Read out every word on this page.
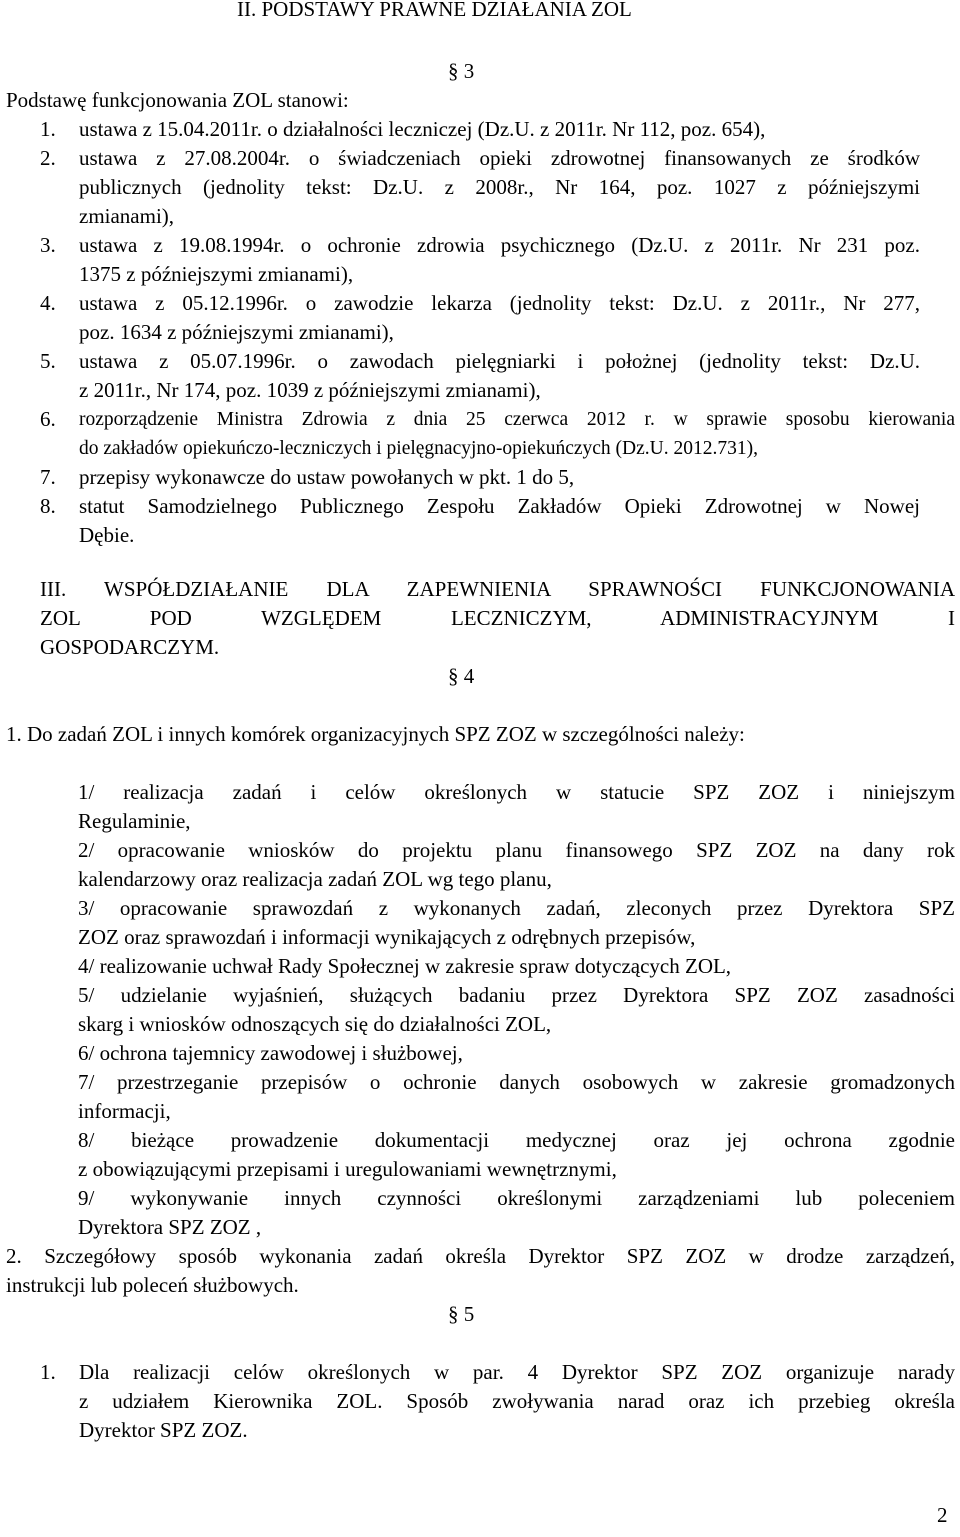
II. PODSTAWY PRAWNE DZIAŁANIA ZOL
§ 3
Podstawę funkcjonowania ZOL stanowi:
1. ustawa z 15.04.2011r. o działalności leczniczej (Dz.U. z 2011r. Nr 112, poz. 654),
2. ustawa z 27.08.2004r. o świadczeniach opieki zdrowotnej finansowanych ze środków
publicznych (jednolity tekst: Dz.U. z 2008r., Nr 164, poz. 1027 z późniejszymi
zmianami),
3. ustawa z 19.08.1994r. o ochronie zdrowia psychicznego (Dz.U. z 2011r. Nr 231 poz.
1375 z późniejszymi zmianami),
4. ustawa z 05.12.1996r. o zawodzie lekarza (jednolity tekst: Dz.U. z 2011r., Nr 277,
poz. 1634 z późniejszymi zmianami),
5. ustawa z 05.07.1996r. o zawodach pielęgniarki i położnej (jednolity tekst: Dz.U.
z 2011r., Nr 174, poz. 1039 z późniejszymi zmianami),
6. rozporządzenie Ministra Zdrowia z dnia 25 czerwca 2012 r. w sprawie sposobu kierowania
do zakładów opiekuńczo-leczniczych i pielęgnacyjno-opiekuńczych (Dz.U. 2012.731),
7. przepisy wykonawcze do ustaw powołanych w pkt. 1 do 5,
8. statut Samodzielnego Publicznego Zespołu Zakładów Opieki Zdrowotnej w Nowej
Dębie.
III. WSPÓŁDZIAŁANIE DLA ZAPEWNIENIA SPRAWNOŚCI FUNKCJONOWANIA
ZOL POD WZGLĘDEM LECZNICZYM, ADMINISTRACYJNYM I
GOSPODARCZYM.
§ 4
1. Do zadań ZOL i innych komórek organizacyjnych SPZ ZOZ w szczególności należy:
1/ realizacja zadań i celów określonych w statucie SPZ ZOZ i niniejszym
Regulaminie,
2/ opracowanie wniosków do projektu planu finansowego SPZ ZOZ na dany rok
kalendarzowy oraz realizacja zadań ZOL wg tego planu,
3/ opracowanie sprawozdań z wykonanych zadań, zleconych przez Dyrektora SPZ
ZOZ oraz sprawozdań i informacji wynikających z odrębnych przepisów,
4/ realizowanie uchwał Rady Społecznej w zakresie spraw dotyczących ZOL,
5/ udzielanie wyjaśnień, służących badaniu przez Dyrektora SPZ ZOZ zasadności
skarg i wniosków odnoszących się do działalności ZOL,
6/ ochrona tajemnicy zawodowej i służbowej,
7/ przestrzeganie przepisów o ochronie danych osobowych w zakresie gromadzonych
informacji,
8/ bieżące prowadzenie dokumentacji medycznej oraz jej ochrona zgodnie
z obowiązującymi przepisami i uregulowaniami wewnętrznymi,
9/ wykonywanie innych czynności określonymi zarządzeniami lub poleceniem
Dyrektora SPZ ZOZ ,
2. Szczegółowy sposób wykonania zadań określa Dyrektor SPZ ZOZ w drodze zarządzeń,
instrukcji lub poleceń służbowych.
§ 5
1. Dla realizacji celów określonych w par. 4 Dyrektor SPZ ZOZ organizuje narady
z udziałem Kierownika ZOL. Sposób zwoływania narad oraz ich przebieg określa
Dyrektor SPZ ZOZ.
2
